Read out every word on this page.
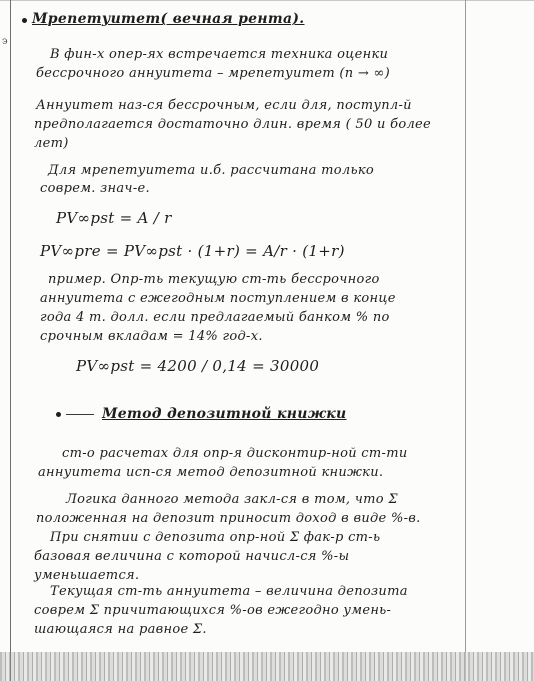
э
Мрепетуитет( вечная рента).
В фин-х опер-ях встречается техника оценки
бессрочного аннуитета – мрепетуитет (n → ∞)
Аннуитет наз-ся бессрочным, если для, поступл-й
предполагается достаточно длин. время ( 50 и более
лет)
Для мрепетуитета и.б. рассчитана только
соврем. знач-е.
PV∞pst = A / r
PV∞pre = PV∞pst · (1+r) = A/r · (1+r)
пример. Опр-ть текущую ст-ть бессрочного
аннуитета с ежегодным поступлением в конце
года 4 т. долл. если предлагаемый банком % по
срочным вкладам = 14% год-х.
PV∞pst = 4200 / 0,14 = 30000
Метод депозитной книжки
ст-о расчетах для опр-я дисконтир-ной ст-ти
аннуитета исп-ся метод депозитной книжки.
Логика данного метода закл-ся в том, что Σ
положенная на депозит приносит доход в виде %-в.
При снятии с депозита опр-ной Σ фак-р ст-ь
базовая величина с которой начисл-ся %-ы
уменьшается.
Текущая ст-ть аннуитета – величина депозита
соврем Σ причитающихся %-ов ежегодно умень-
шающаяся на равное Σ.
